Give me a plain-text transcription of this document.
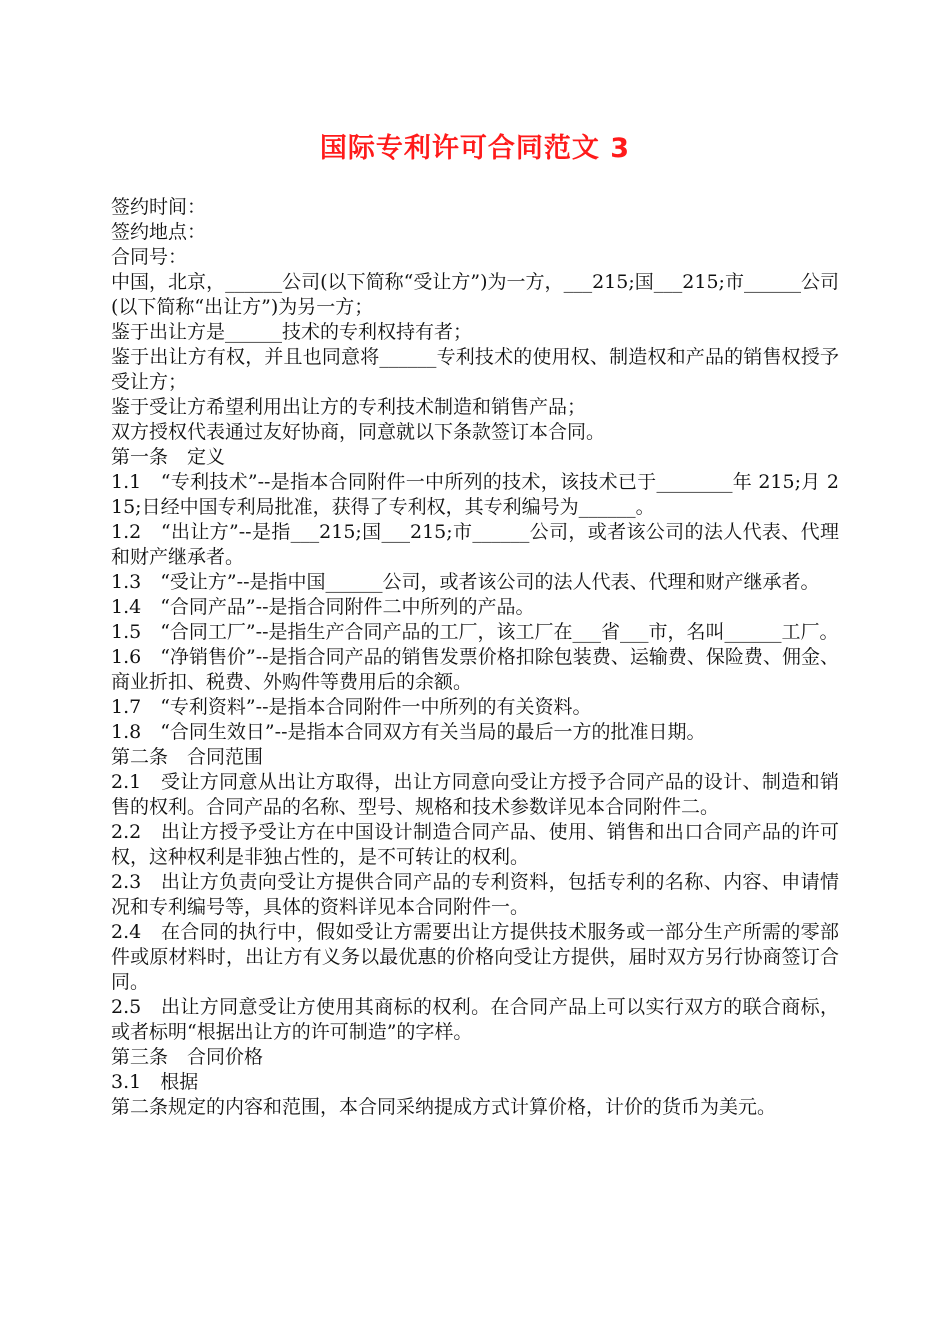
国际专利许可合同范文 3

签约时间：

签约地点：

合同号：

中国，北京，______公司(以下简称“受让方”)为一方，___215;国___215;市______公司(以下简称“出让方”)为另一方；

鉴于出让方是______技术的专利权持有者；

鉴于出让方有权，并且也同意将______专利技术的使用权、制造权和产品的销售权授予受让方；

鉴于受让方希望利用出让方的专利技术制造和销售产品；

双方授权代表通过友好协商，同意就以下条款签订本合同。

第一条　定义

1.1　“专利技术”--是指本合同附件一中所列的技术，该技术已于________年 215;月 215;日经中国专利局批准，获得了专利权，其专利编号为______。

1.2　“出让方”--是指___215;国___215;市______公司，或者该公司的法人代表、代理和财产继承者。

1.3　“受让方”--是指中国______公司，或者该公司的法人代表、代理和财产继承者。

1.4　“合同产品”--是指合同附件二中所列的产品。

1.5　“合同工厂”--是指生产合同产品的工厂，该工厂在___省___市，名叫______工厂。

1.6　“净销售价”--是指合同产品的销售发票价格扣除包装费、运输费、保险费、佣金、商业折扣、税费、外购件等费用后的余额。

1.7　“专利资料”--是指本合同附件一中所列的有关资料。

1.8　“合同生效日”--是指本合同双方有关当局的最后一方的批准日期。

第二条　合同范围

2.1　受让方同意从出让方取得，出让方同意向受让方授予合同产品的设计、制造和销售的权利。合同产品的名称、型号、规格和技术参数详见本合同附件二。

2.2　出让方授予受让方在中国设计制造合同产品、使用、销售和出口合同产品的许可权，这种权利是非独占性的，是不可转让的权利。

2.3　出让方负责向受让方提供合同产品的专利资料，包括专利的名称、内容、申请情况和专利编号等，具体的资料详见本合同附件一。

2.4　在合同的执行中，假如受让方需要出让方提供技术服务或一部分生产所需的零部件或原材料时，出让方有义务以最优惠的价格向受让方提供，届时双方另行协商签订合同。

2.5　出让方同意受让方使用其商标的权利。在合同产品上可以实行双方的联合商标，或者标明“根据出让方的许可制造”的字样。

第三条　合同价格

3.1　根据

第二条规定的内容和范围，本合同采纳提成方式计算价格，计价的货币为美元。
